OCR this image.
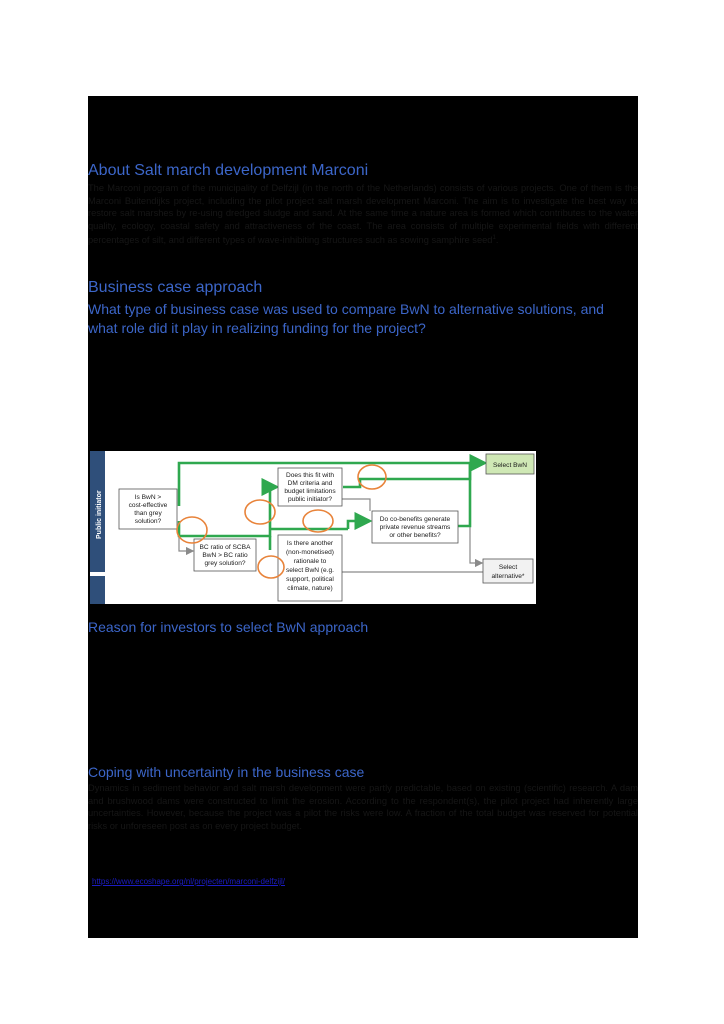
About Salt march development Marconi
The Marconi program of the municipality of Delfzijl (in the north of the Netherlands) consists of various projects. One of them is the Marconi Buitendijks project, including the pilot project salt marsh development Marconi. The aim is to investigate the best way to restore salt marshes by re-using dredged sludge and sand. At the same time a nature area is formed which contributes to the water quality, ecology, coastal safety and attractiveness of the coast. The area consists of multiple experimental fields with different percentages of silt, and different types of wave-inhibiting structures such as sowing samphire seed$^1$.
Business case approach
What type of business case was used to compare BwN to alternative solutions, and
what role did it play in realizing funding for the project?
Public initiator	Is BwN >
cost-effective
than grey
solution?
BC ratio of SCBA
BwN > BC ratio
grey solution?
Does this fit with
DM criteria and
budget limitations
public initiator?
Is there another
(non-monetised)
rationale to
select BwN (e.g.
support, political
climate, nature)
Do co-benefits generate
private revenue streams
or other benefits?
Select BwN
Select
alternative*
Reason for investors to select BwN approach
Coping with uncertainty in the business case
Dynamics in sediment behavior and salt marsh development were partly predictable, based on existing (scientific) research. A dam and brushwood dams were constructed to limit the erosion. According to the respondent(s), the pilot project had inherently large uncertainties. However, because the project was a pilot the risks were low. A fraction of the total budget was reserved for potential risks or unforeseen post as on every project budget.
https://www.ecoshape.org/nl/projecten/marconi-delfzijl/
